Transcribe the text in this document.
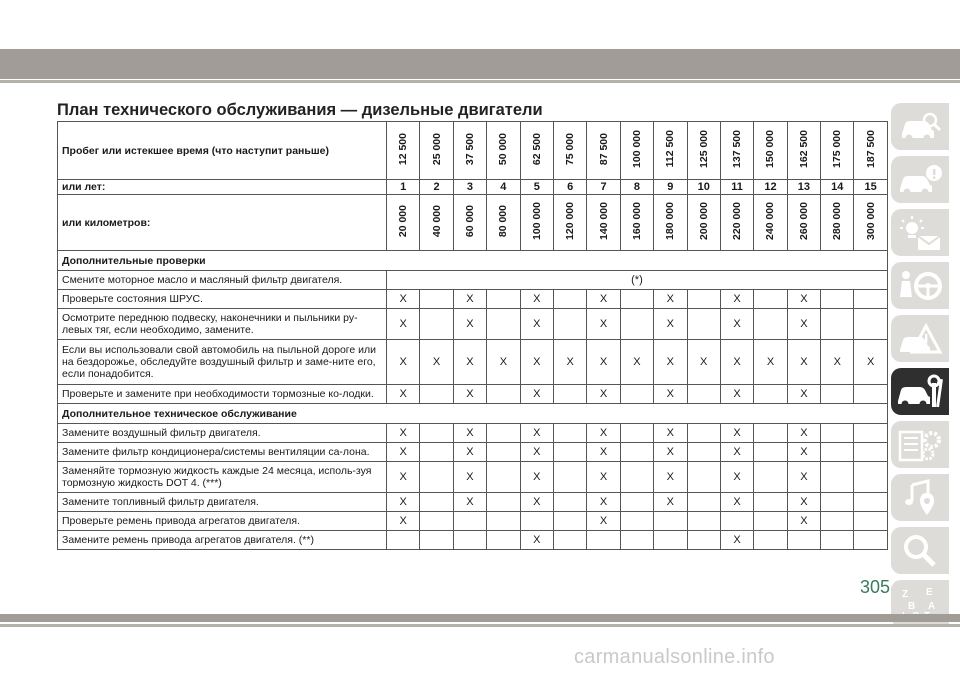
План технического обслуживания — дизельные двигатели
Пробег или истекшее время (что наступит раньше)	12 500	25 000	37 500	50 000	62 500	75 000	87 500	100 000	112 500	125 000	137 500	150 000	162 500	175 000	187 500
или лет:	1	2	3	4	5	6	7	8	9	10	11	12	13	14	15
или километров:	20 000	40 000	60 000	80 000	100 000	120 000	140 000	160 000	180 000	200 000	220 000	240 000	260 000	280 000	300 000
Дополнительные проверки															
Смените моторное масло и масляный фильтр двигателя.	(*)														
Проверьте состояния ШРУС.	X		X		X		X		X		X		X		
Осмотрите переднюю подвеску, наконечники и пыльники ру-левых тяг, если необходимо, замените.	X		X		X		X		X		X		X		
Если вы использовали свой автомобиль на пыльной дороге или на бездорожье, обследуйте воздушный фильтр и заме-ните его, если понадобится.	X	X	X	X	X	X	X	X	X	X	X	X	X	X	X
Проверьте и замените при необходимости тормозные ко-лодки.	X		X		X		X		X		X		X		
Дополнительное техническое обслуживание															
Замените воздушный фильтр двигателя.	X		X		X		X		X		X		X		
Замените фильтр кондиционера/системы вентиляции са-лона.	X		X		X		X		X		X		X		
Заменяйте тормозную жидкость каждые 24 месяца, исполь-зуя тормозную жидкость DOT 4. (***)	X		X		X		X		X		X		X		
Замените топливный фильтр двигателя.	X		X		X		X		X		X		X		
Проверьте ремень привода агрегатов двигателя.	X						X						X		
Замените ремень привода агрегатов двигателя. (**)					X						X				
Z E
B A
305
carmanualsonline.info
